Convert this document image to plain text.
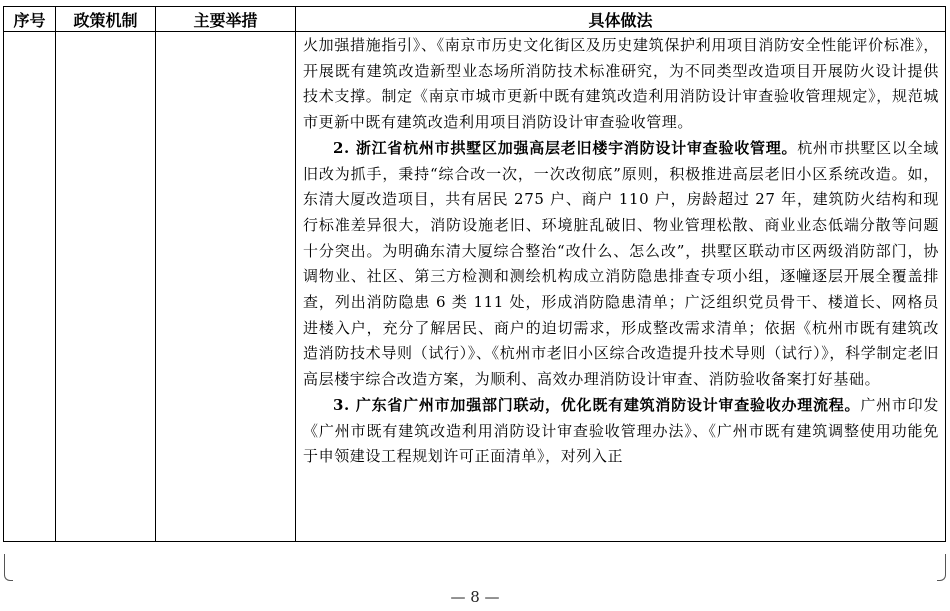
序号	政策机制	主要举措	具体做法

			火加强措施指引》、《南京市历史文化街区及历史建筑保护利用项目消防安全性能评价标准》，开展既有建筑改造新型业态场所消防技术标准研究，为不同类型改造项目开展防火设计提供技术支撑。制定《南京市城市更新中既有建筑改造利用消防设计审查验收管理规定》，规范城市更新中既有建筑改造利用项目消防设计审查验收管理。

2. 浙江省杭州市拱墅区加强高层老旧楼宇消防设计审查验收管理。杭州市拱墅区以全域旧改为抓手，秉持“综合改一次，一次改彻底”原则，积极推进高层老旧小区系统改造。如，东清大厦改造项目，共有居民 275 户、商户 110 户，房龄超过 27 年，建筑防火结构和现行标准差异很大，消防设施老旧、环境脏乱破旧、物业管理松散、商业业态低端分散等问题十分突出。为明确东清大厦综合整治“改什么、怎么改”，拱墅区联动市区两级消防部门，协调物业、社区、第三方检测和测绘机构成立消防隐患排查专项小组，逐幢逐层开展全覆盖排查，列出消防隐患 6 类 111 处，形成消防隐患清单；广泛组织党员骨干、楼道长、网格员进楼入户，充分了解居民、商户的迫切需求，形成整改需求清单；依据《杭州市既有建筑改造消防技术导则（试行）》、《杭州市老旧小区综合改造提升技术导则（试行）》，科学制定老旧高层楼宇综合改造方案，为顺利、高效办理消防设计审查、消防验收备案打好基础。

3. 广东省广州市加强部门联动，优化既有建筑消防设计审查验收办理流程。广州市印发《广州市既有建筑改造利用消防设计审查验收管理办法》、《广州市既有建筑调整使用功能免于申领建设工程规划许可正面清单》，对列入正

— 8 —
